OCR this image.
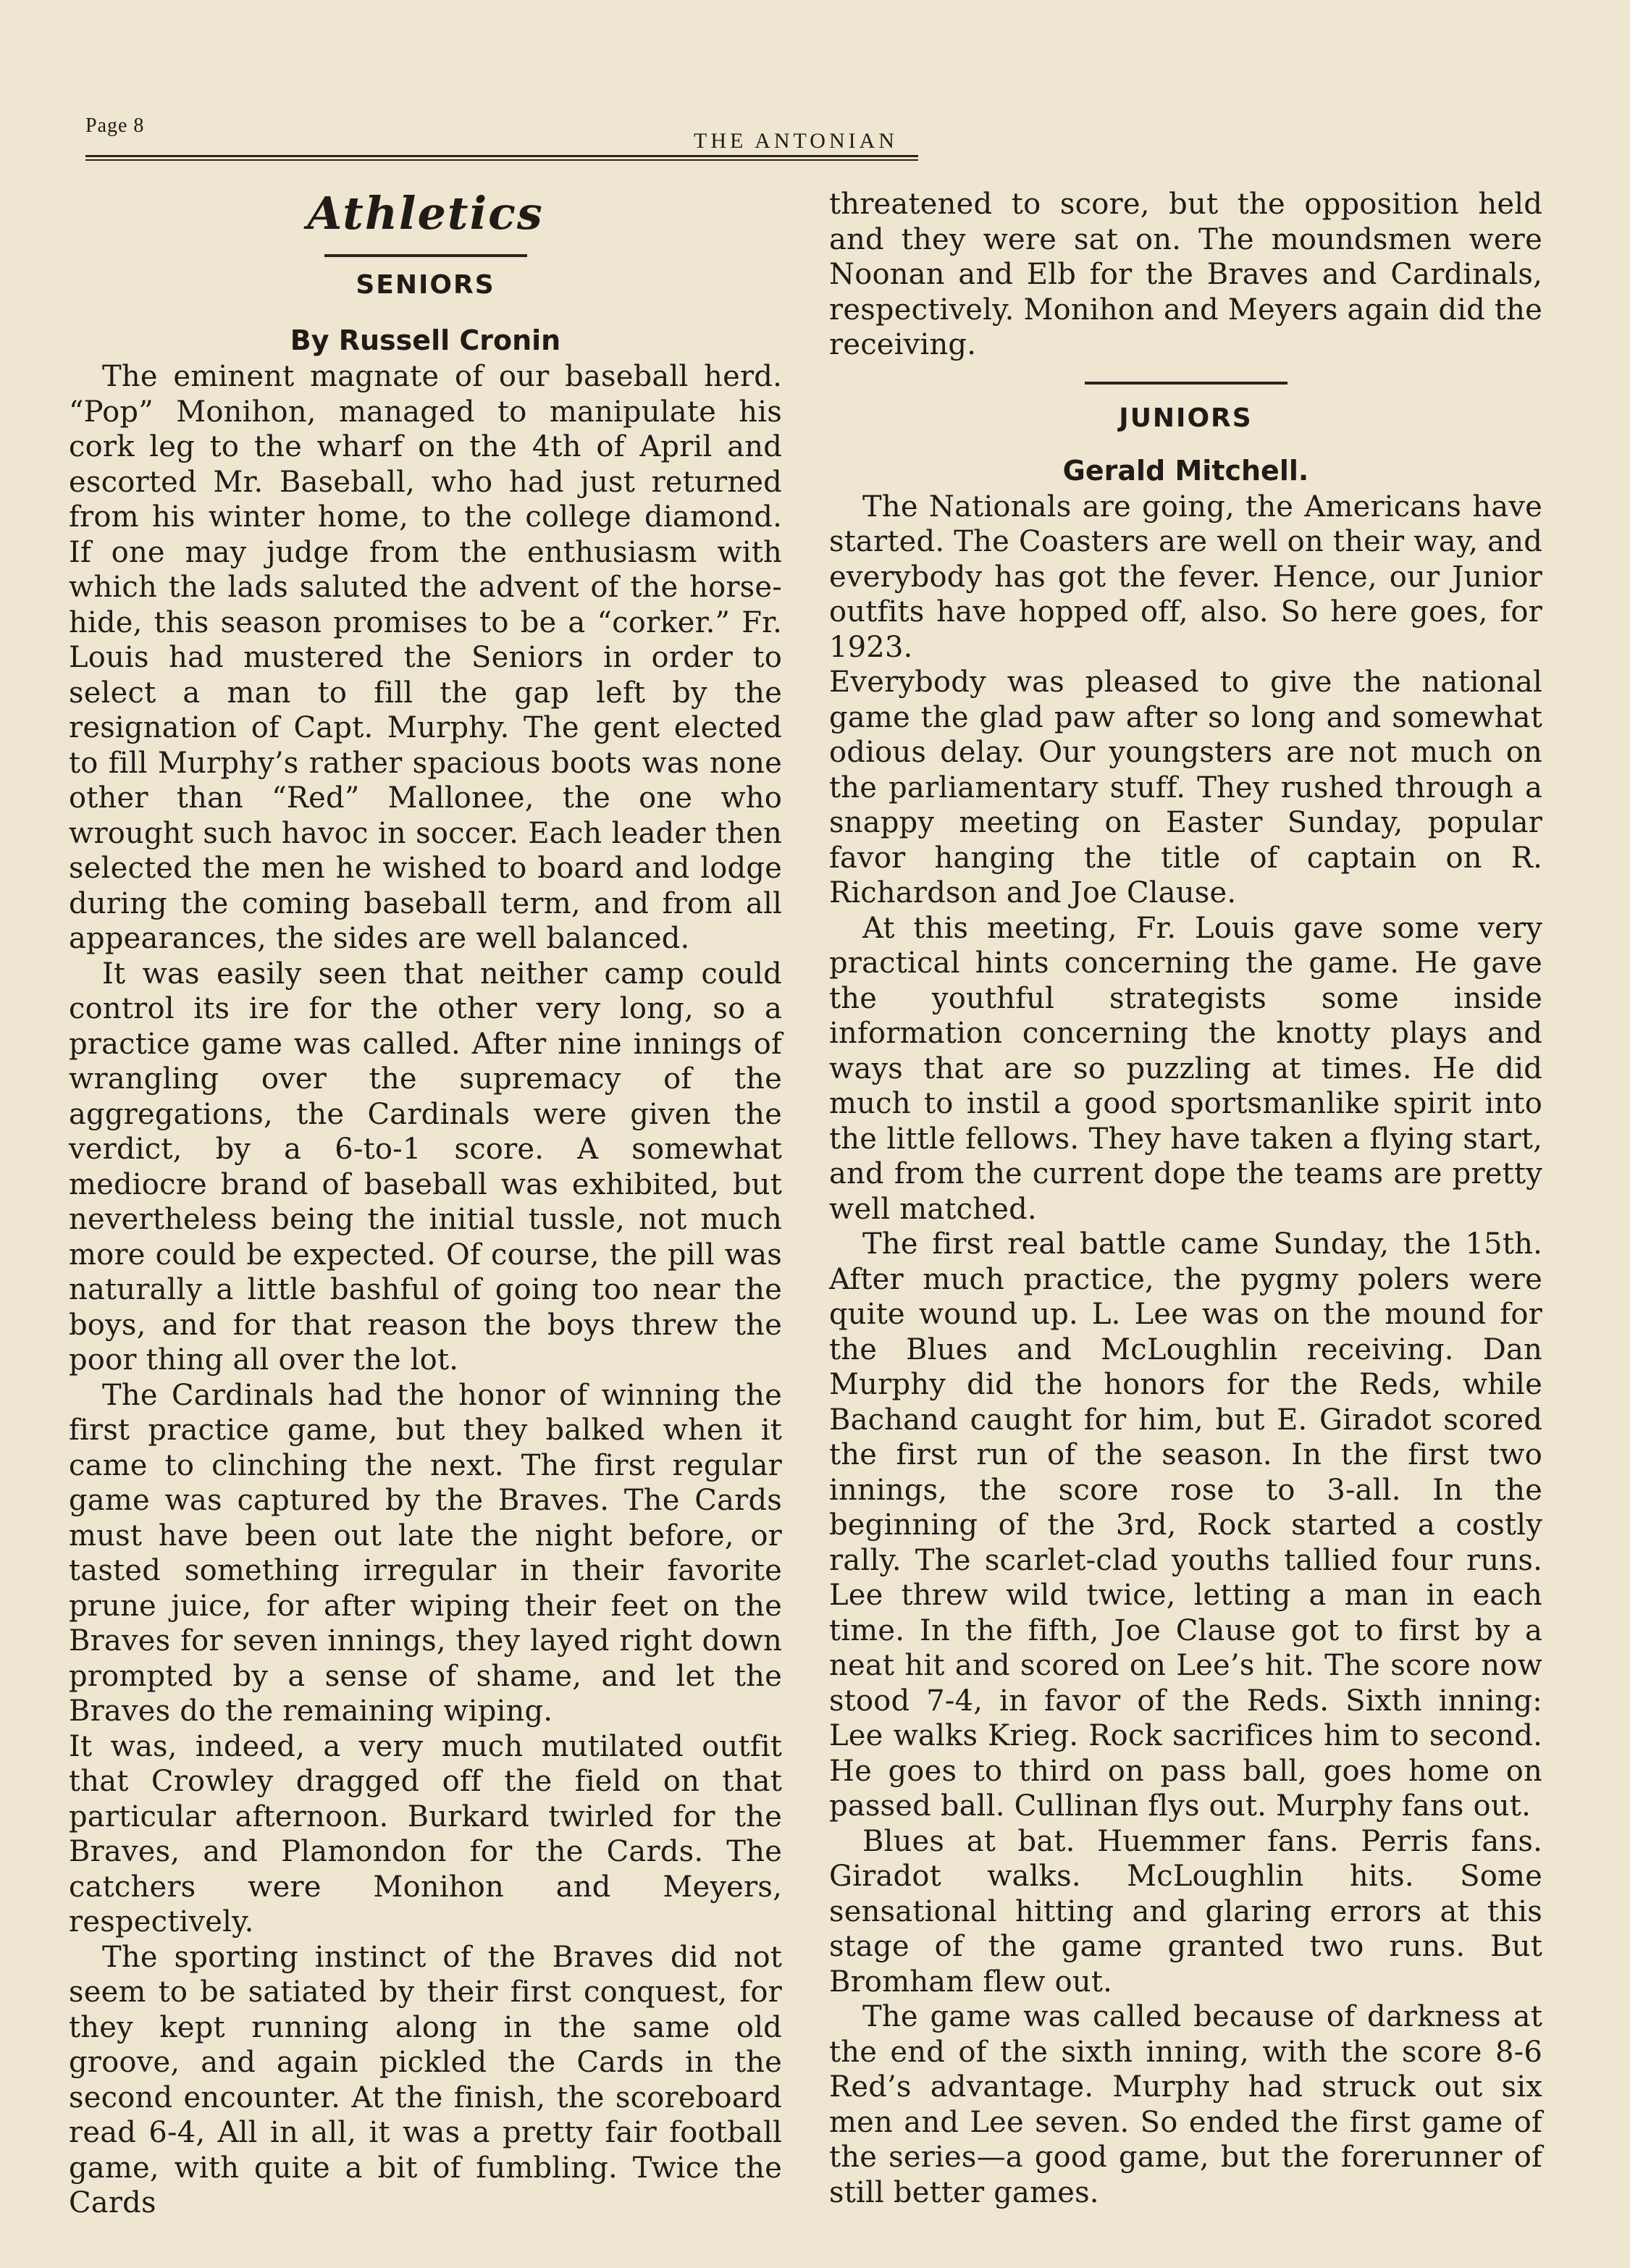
Page 8
THE ANTONIAN
Athletics
SENIORS
By Russell Cronin

The eminent magnate of our baseball herd. “Pop” Monihon, managed to manipulate his cork leg to the wharf on the 4th of April and escorted Mr. Baseball, who had just returned from his winter home, to the college diamond. If one may judge from the enthusiasm with which the lads saluted the advent of the horse-hide, this season promises to be a “corker.” Fr. Louis had mustered the Seniors in order to select a man to fill the gap left by the resignation of Capt. Murphy. The gent elected to fill Murphy’s rather spacious boots was none other than “Red” Mallonee, the one who wrought such havoc in soccer. Each leader then selected the men he wished to board and lodge during the coming baseball term, and from all appearances, the sides are well balanced.

It was easily seen that neither camp could control its ire for the other very long, so a practice game was called. After nine innings of wrangling over the supremacy of the aggregations, the Cardinals were given the verdict, by a 6-to-1 score. A somewhat mediocre brand of baseball was exhibited, but nevertheless being the initial tussle, not much more could be expected. Of course, the pill was naturally a little bashful of going too near the boys, and for that reason the boys threw the poor thing all over the lot.

The Cardinals had the honor of winning the first practice game, but they balked when it came to clinching the next. The first regular game was captured by the Braves. The Cards must have been out late the night before, or tasted something irregular in their favorite prune juice, for after wiping their feet on the Braves for seven innings, they layed right down prompted by a sense of shame, and let the Braves do the remaining wiping.

It was, indeed, a very much mutilated outfit that Crowley dragged off the field on that particular afternoon. Burkard twirled for the Braves, and Plamondon for the Cards. The catchers were Monihon and Meyers, respectively.

The sporting instinct of the Braves did not seem to be satiated by their first conquest, for they kept running along in the same old groove, and again pickled the Cards in the second encounter. At the finish, the scoreboard read 6-4, All in all, it was a pretty fair football game, with quite a bit of fumbling. Twice the Cards

threatened to score, but the opposition held and they were sat on. The moundsmen were Noonan and Elb for the Braves and Cardinals, respectively. Monihon and Meyers again did the receiving.

JUNIORS
Gerald Mitchell.

The Nationals are going, the Americans have started. The Coasters are well on their way, and everybody has got the fever. Hence, our Junior outfits have hopped off, also. So here goes, for 1923.

Everybody was pleased to give the national game the glad paw after so long and somewhat odious delay. Our youngsters are not much on the parliamentary stuff. They rushed through a snappy meeting on Easter Sunday, popular favor hanging the title of captain on R. Richardson and Joe Clause.

At this meeting, Fr. Louis gave some very practical hints concerning the game. He gave the youthful strategists some inside information concerning the knotty plays and ways that are so puzzling at times. He did much to instil a good sportsmanlike spirit into the little fellows. They have taken a flying start, and from the current dope the teams are pretty well matched.

The first real battle came Sunday, the 15th. After much practice, the pygmy polers were quite wound up. L. Lee was on the mound for the Blues and McLoughlin receiving. Dan Murphy did the honors for the Reds, while Bachand caught for him, but E. Giradot scored the first run of the season. In the first two innings, the score rose to 3-all. In the beginning of the 3rd, Rock started a costly rally. The scarlet-clad youths tallied four runs. Lee threw wild twice, letting a man in each time. In the fifth, Joe Clause got to first by a neat hit and scored on Lee’s hit. The score now stood 7-4, in favor of the Reds. Sixth inning: Lee walks Krieg. Rock sacrifices him to second. He goes to third on pass ball, goes home on passed ball. Cullinan flys out. Murphy fans out.

Blues at bat. Huemmer fans. Perris fans. Giradot walks. McLoughlin hits. Some sensational hitting and glaring errors at this stage of the game granted two runs. But Bromham flew out.

The game was called because of darkness at the end of the sixth inning, with the score 8-6 Red’s advantage. Murphy had struck out six men and Lee seven. So ended the first game of the series—a good game, but the forerunner of still better games.
